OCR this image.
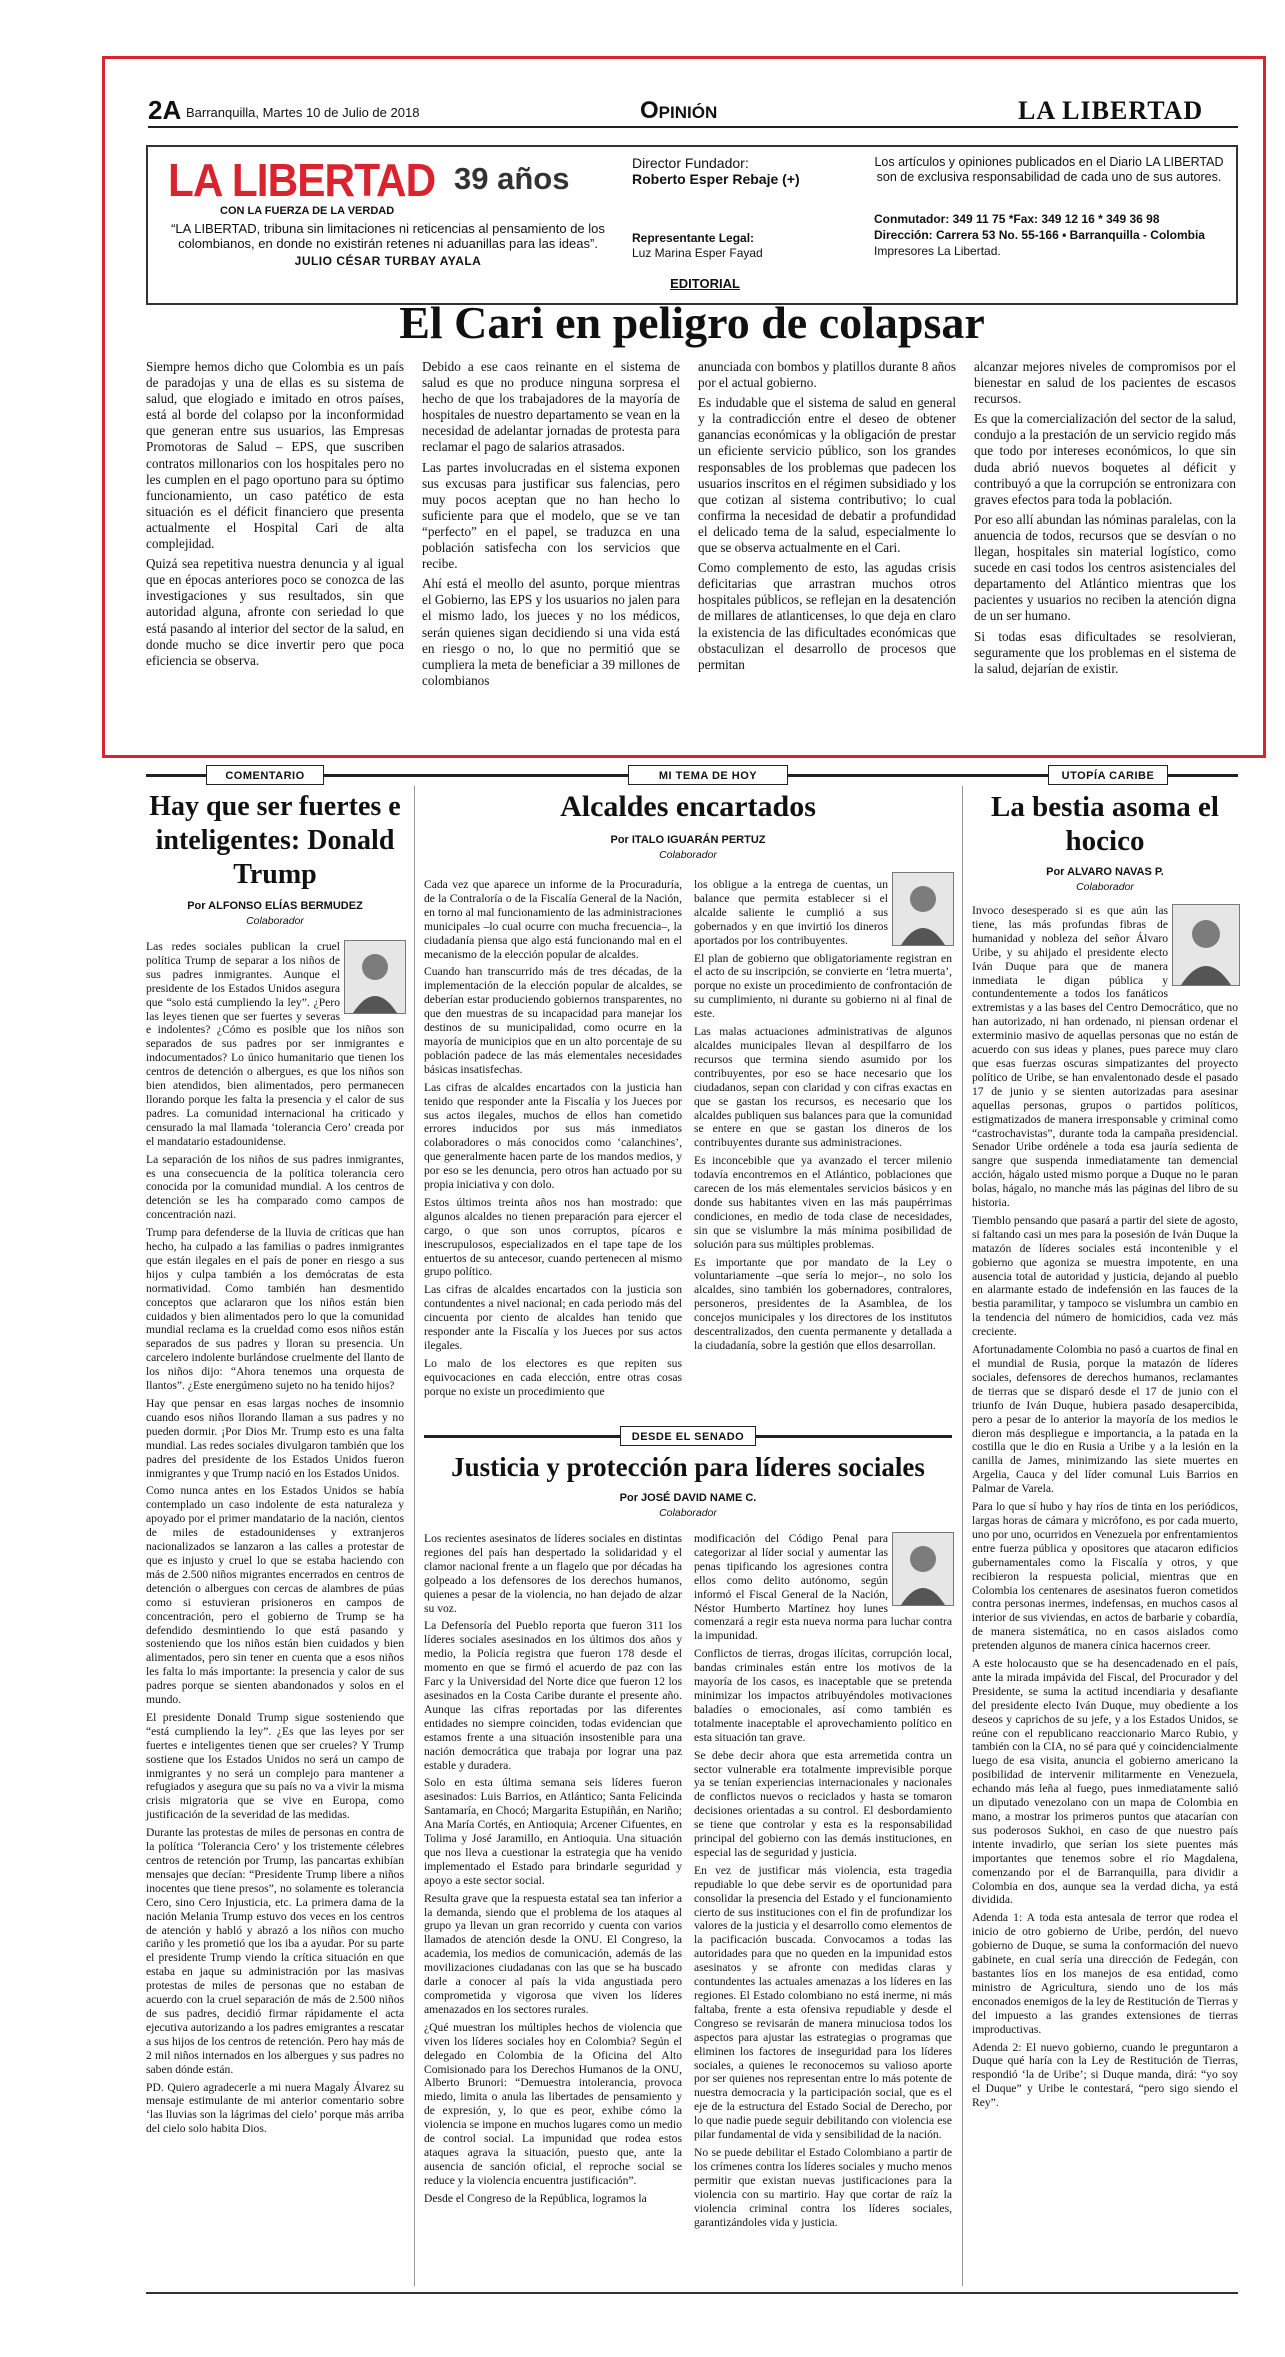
2A Barranquilla, Martes 10 de Julio de 2018	Opinión	LA LIBERTAD
LA LIBERTAD 39 años
CON LA FUERZA DE LA VERDAD
“LA LIBERTAD, tribuna sin limitaciones ni reticencias al pensamiento de los colombianos, en donde no existirán retenes ni aduanillas para las ideas”.
JULIO CÉSAR TURBAY AYALA
Director Fundador:
Roberto Esper Rebaje (+)
Representante Legal:
Luz Marina Esper Fayad
Los artículos y opiniones publicados en el Diario LA LIBERTAD son de exclusiva responsabilidad de cada uno de sus autores.
Conmutador: 349 11 75 *Fax: 349 12 16 * 349 36 98
Dirección: Carrera 53 No. 55-166 • Barranquilla - Colombia
Impresores La Libertad.
EDITORIAL
El Cari en peligro de colapsar

Siempre hemos dicho que Colombia es un país de paradojas y una de ellas es su sistema de salud, que elogiado e imitado en otros países, está al borde del colapso por la inconformidad que generan entre sus usuarios, las Empresas Promotoras de Salud – EPS, que suscriben contratos millonarios con los hospitales pero no les cumplen en el pago oportuno para su óptimo funcionamiento, un caso patético de esta situación es el déficit financiero que presenta actualmente el Hospital Cari de alta complejidad.

Quizá sea repetitiva nuestra denuncia y al igual que en épocas anteriores poco se conozca de las investigaciones y sus resultados, sin que autoridad alguna, afronte con seriedad lo que está pasando al interior del sector de la salud, en donde mucho se dice invertir pero que poca eficiencia se observa.

Debido a ese caos reinante en el sistema de salud es que no produce ninguna sorpresa el hecho de que los trabajadores de la mayoría de hospitales de nuestro departamento se vean en la necesidad de adelantar jornadas de protesta para reclamar el pago de salarios atrasados.

Las partes involucradas en el sistema exponen sus excusas para justificar sus falencias, pero muy pocos aceptan que no han hecho lo suficiente para que el modelo, que se ve tan “perfecto” en el papel, se traduzca en una población satisfecha con los servicios que recibe.

Ahí está el meollo del asunto, porque mientras el Gobierno, las EPS y los usuarios no jalen para el mismo lado, los jueces y no los médicos, serán quienes sigan decidiendo si una vida está en riesgo o no, lo que no permitió que se cumpliera la meta de beneficiar a 39 millones de colombianos

anunciada con bombos y platillos durante 8 años por el actual gobierno.

Es indudable que el sistema de salud en general y la contradicción entre el deseo de obtener ganancias económicas y la obligación de prestar un eficiente servicio público, son los grandes responsables de los problemas que padecen los usuarios inscritos en el régimen subsidiado y los que cotizan al sistema contributivo; lo cual confirma la necesidad de debatir a profundidad el delicado tema de la salud, especialmente lo que se observa actualmente en el Cari.

Como complemento de esto, las agudas crisis deficitarias que arrastran muchos otros hospitales públicos, se reflejan en la desatención de millares de atlanticenses, lo que deja en claro la existencia de las dificultades económicas que obstaculizan el desarrollo de procesos que permitan

alcanzar mejores niveles de compromisos por el bienestar en salud de los pacientes de escasos recursos.

Es que la comercialización del sector de la salud, condujo a la prestación de un servicio regido más que todo por intereses económicos, lo que sin duda abrió nuevos boquetes al déficit y contribuyó a que la corrupción se entronizara con graves efectos para toda la población.

Por eso allí abundan las nóminas paralelas, con la anuencia de todos, recursos que se desvían o no llegan, hospitales sin material logístico, como sucede en casi todos los centros asistenciales del departamento del Atlántico mientras que los pacientes y usuarios no reciben la atención digna de un ser humano.

Si todas esas dificultades se resolvieran, seguramente que los problemas en el sistema de la salud, dejarían de existir.

COMENTARIO	MI TEMA DE HOY	UTOPÍA CARIBE
Hay que ser fuertes e inteligentes: Donald Trump
Por ALFONSO ELÍAS BERMUDEZ
Colaborador

Las redes sociales publican la cruel política Trump de separar a los niños de sus padres inmigrantes. Aunque el presidente de los Estados Unidos asegura que “solo está cumpliendo la ley”. ¿Pero las leyes tienen que ser fuertes y severas e indolentes? ¿Cómo es posible que los niños son separados de sus padres por ser inmigrantes e indocumentados? Lo único humanitario que tienen los centros de detención o albergues, es que los niños son bien atendidos, bien alimentados, pero permanecen llorando porque les falta la presencia y el calor de sus padres. La comunidad internacional ha criticado y censurado la mal llamada ‘tolerancia Cero’ creada por el mandatario estadounidense.

La separación de los niños de sus padres inmigrantes, es una consecuencia de la política tolerancia cero conocida por la comunidad mundial. A los centros de detención se les ha comparado como campos de concentración nazi.

Trump para defenderse de la lluvia de críticas que han hecho, ha culpado a las familias o padres inmigrantes que están ilegales en el país de poner en riesgo a sus hijos y culpa también a los demócratas de esta normatividad. Como también han desmentido conceptos que aclararon que los niños están bien cuidados y bien alimentados pero lo que la comunidad mundial reclama es la crueldad como esos niños están separados de sus padres y lloran su presencia. Un carcelero indolente burlándose cruelmente del llanto de los niños dijo: “Ahora tenemos una orquesta de llantos”. ¿Este energúmeno sujeto no ha tenido hijos?

Hay que pensar en esas largas noches de insomnio cuando esos niños llorando llaman a sus padres y no pueden dormir. ¡Por Dios Mr. Trump esto es una falta mundial. Las redes sociales divulgaron también que los padres del presidente de los Estados Unidos fueron inmigrantes y que Trump nació en los Estados Unidos.

Como nunca antes en los Estados Unidos se había contemplado un caso indolente de esta naturaleza y apoyado por el primer mandatario de la nación, cientos de miles de estadounidenses y extranjeros nacionalizados se lanzaron a las calles a protestar de que es injusto y cruel lo que se estaba haciendo con más de 2.500 niños migrantes encerrados en centros de detención o albergues con cercas de alambres de púas como si estuvieran prisioneros en campos de concentración, pero el gobierno de Trump se ha defendido desmintiendo lo que está pasando y sosteniendo que los niños están bien cuidados y bien alimentados, pero sin tener en cuenta que a esos niños les falta lo más importante: la presencia y calor de sus padres porque se sienten abandonados y solos en el mundo.

El presidente Donald Trump sigue sosteniendo que “está cumpliendo la ley”. ¿Es que las leyes por ser fuertes e inteligentes tienen que ser crueles? Y Trump sostiene que los Estados Unidos no será un campo de inmigrantes y no será un complejo para mantener a refugiados y asegura que su país no va a vivir la misma crisis migratoria que se vive en Europa, como justificación de la severidad de las medidas.

Durante las protestas de miles de personas en contra de la política ‘Tolerancia Cero’ y los tristemente célebres centros de retención por Trump, las pancartas exhibían mensajes que decían: “Presidente Trump libere a niños inocentes que tiene presos”, no solamente es tolerancia Cero, sino Cero Injusticia, etc. La primera dama de la nación Melania Trump estuvo dos veces en los centros de atención y habló y abrazó a los niños con mucho cariño y les prometió que los iba a ayudar. Por su parte el presidente Trump viendo la crítica situación en que estaba en jaque su administración por las masivas protestas de miles de personas que no estaban de acuerdo con la cruel separación de más de 2.500 niños de sus padres, decidió firmar rápidamente el acta ejecutiva autorizando a los padres emigrantes a rescatar a sus hijos de los centros de retención. Pero hay más de 2 mil niños internados en los albergues y sus padres no saben dónde están.

PD. Quiero agradecerle a mi nuera Magaly Álvarez su mensaje estimulante de mi anterior comentario sobre ‘las lluvias son la lágrimas del cielo’ porque más arriba del cielo solo habita Dios.

Alcaldes encartados
Por ITALO IGUARÁN PERTUZ
Colaborador

Cada vez que aparece un informe de la Procuraduría, de la Contraloría o de la Fiscalía General de la Nación, en torno al mal funcionamiento de las administraciones municipales –lo cual ocurre con mucha frecuencia–, la ciudadanía piensa que algo está funcionando mal en el mecanismo de la elección popular de alcaldes.

Cuando han transcurrido más de tres décadas, de la implementación de la elección popular de alcaldes, se deberían estar produciendo gobiernos transparentes, no que den muestras de su incapacidad para manejar los destinos de su municipalidad, como ocurre en la mayoría de municipios que en un alto porcentaje de su población padece de las más elementales necesidades básicas insatisfechas.

Las cifras de alcaldes encartados con la justicia han tenido que responder ante la Fiscalía y los Jueces por sus actos ilegales, muchos de ellos han cometido errores inducidos por sus más inmediatos colaboradores o más conocidos como ‘calanchines’, que generalmente hacen parte de los mandos medios, y por eso se les denuncia, pero otros han actuado por su propia iniciativa y con dolo.

Estos últimos treinta años nos han mostrado: que algunos alcaldes no tienen preparación para ejercer el cargo, o que son unos corruptos, pícaros e inescrupulosos, especializados en el tape tape de los entuertos de su antecesor, cuando pertenecen al mismo grupo político.

Las cifras de alcaldes encartados con la justicia son contundentes a nivel nacional; en cada periodo más del cincuenta por ciento de alcaldes han tenido que responder ante la Fiscalía y los Jueces por sus actos ilegales.

Lo malo de los electores es que repiten sus equivocaciones en cada elección, entre otras cosas porque no existe un procedimiento que

los obligue a la entrega de cuentas, un balance que permita establecer si el alcalde saliente le cumplió a sus gobernados y en que invirtió los dineros aportados por los contribuyentes.

El plan de gobierno que obligatoriamente registran en el acto de su inscripción, se convierte en ‘letra muerta’, porque no existe un procedimiento de confrontación de su cumplimiento, ni durante su gobierno ni al final de este.

Las malas actuaciones administrativas de algunos alcaldes municipales llevan al despilfarro de los recursos que termina siendo asumido por los contribuyentes, por eso se hace necesario que los ciudadanos, sepan con claridad y con cifras exactas en que se gastan los recursos, es necesario que los alcaldes publiquen sus balances para que la comunidad se entere en que se gastan los dineros de los contribuyentes durante sus administraciones.

Es inconcebible que ya avanzado el tercer milenio todavía encontremos en el Atlántico, poblaciones que carecen de los más elementales servicios básicos y en donde sus habitantes viven en las más paupérrimas condiciones, en medio de toda clase de necesidades, sin que se vislumbre la más mínima posibilidad de solución para sus múltiples problemas.

Es importante que por mandato de la Ley o voluntariamente –que sería lo mejor–, no solo los alcaldes, sino también los gobernadores, contralores, personeros, presidentes de la Asamblea, de los concejos municipales y los directores de los institutos descentralizados, den cuenta permanente y detallada a la ciudadanía, sobre la gestión que ellos desarrollan.

DESDE EL SENADO
Justicia y protección para líderes sociales
Por JOSÉ DAVID NAME C.
Colaborador

Los recientes asesinatos de líderes sociales en distintas regiones del país han despertado la solidaridad y el clamor nacional frente a un flagelo que por décadas ha golpeado a los defensores de los derechos humanos, quienes a pesar de la violencia, no han dejado de alzar su voz.

La Defensoría del Pueblo reporta que fueron 311 los líderes sociales asesinados en los últimos dos años y medio, la Policía registra que fueron 178 desde el momento en que se firmó el acuerdo de paz con las Farc y la Universidad del Norte dice que fueron 12 los asesinados en la Costa Caribe durante el presente año. Aunque las cifras reportadas por las diferentes entidades no siempre coinciden, todas evidencian que estamos frente a una situación insostenible para una nación democrática que trabaja por lograr una paz estable y duradera.

Solo en esta última semana seis líderes fueron asesinados: Luis Barrios, en Atlántico; Santa Felicinda Santamaría, en Chocó; Margarita Estupiñán, en Nariño; Ana María Cortés, en Antioquia; Arcener Cifuentes, en Tolima y José Jaramillo, en Antioquia. Una situación que nos lleva a cuestionar la estrategia que ha venido implementado el Estado para brindarle seguridad y apoyo a este sector social.

Resulta grave que la respuesta estatal sea tan inferior a la demanda, siendo que el problema de los ataques al grupo ya llevan un gran recorrido y cuenta con varios llamados de atención desde la ONU. El Congreso, la academia, los medios de comunicación, además de las movilizaciones ciudadanas con las que se ha buscado darle a conocer al país la vida angustiada pero comprometida y vigorosa que viven los líderes amenazados en los sectores rurales.

¿Qué muestran los múltiples hechos de violencia que viven los líderes sociales hoy en Colombia? Según el delegado en Colombia de la Oficina del Alto Comisionado para los Derechos Humanos de la ONU, Alberto Brunori: “Demuestra intolerancia, provoca miedo, limita o anula las libertades de pensamiento y de expresión, y, lo que es peor, exhibe cómo la violencia se impone en muchos lugares como un medio de control social. La impunidad que rodea estos ataques agrava la situación, puesto que, ante la ausencia de sanción oficial, el reproche social se reduce y la violencia encuentra justificación”.

Desde el Congreso de la República, logramos la

modificación del Código Penal para categorizar al líder social y aumentar las penas tipificando los agresiones contra ellos como delito autónomo, según informó el Fiscal General de la Nación, Néstor Humberto Martínez hoy lunes comenzará a regir esta nueva norma para luchar contra la impunidad.

Conflictos de tierras, drogas ilícitas, corrupción local, bandas criminales están entre los motivos de la mayoría de los casos, es inaceptable que se pretenda minimizar los impactos atribuyéndoles motivaciones baladíes o emocionales, así como también es totalmente inaceptable el aprovechamiento político en esta situación tan grave.

Se debe decir ahora que esta arremetida contra un sector vulnerable era totalmente imprevisible porque ya se tenían experiencias internacionales y nacionales de conflictos nuevos o reciclados y hasta se tomaron decisiones orientadas a su control. El desbordamiento se tiene que controlar y esta es la responsabilidad principal del gobierno con las demás instituciones, en especial las de seguridad y justicia.

En vez de justificar más violencia, esta tragedia repudiable lo que debe servir es de oportunidad para consolidar la presencia del Estado y el funcionamiento cierto de sus instituciones con el fin de profundizar los valores de la justicia y el desarrollo como elementos de la pacificación buscada. Convocamos a todas las autoridades para que no queden en la impunidad estos asesinatos y se afronte con medidas claras y contundentes las actuales amenazas a los líderes en las regiones. El Estado colombiano no está inerme, ni más faltaba, frente a esta ofensiva repudiable y desde el Congreso se revisarán de manera minuciosa todos los aspectos para ajustar las estrategias o programas que eliminen los factores de inseguridad para los líderes sociales, a quienes le reconocemos su valioso aporte por ser quienes nos representan entre lo más potente de nuestra democracia y la participación social, que es el eje de la estructura del Estado Social de Derecho, por lo que nadie puede seguir debilitando con violencia ese pilar fundamental de vida y sensibilidad de la nación.

No se puede debilitar el Estado Colombiano a partir de los crímenes contra los líderes sociales y mucho menos permitir que existan nuevas justificaciones para la violencia con su martirio. Hay que cortar de raíz la violencia criminal contra los líderes sociales, garantizándoles vida y justicia.

La bestia asoma el hocico
Por ALVARO NAVAS P.
Colaborador

Invoco desesperado si es que aún las tiene, las más profundas fibras de humanidad y nobleza del señor Álvaro Uribe, y su ahijado el presidente electo Iván Duque para que de manera inmediata le digan pública y contundentemente a todos los fanáticos extremistas y a las bases del Centro Democrático, que no han autorizado, ni han ordenado, ni piensan ordenar el exterminio masivo de aquellas personas que no están de acuerdo con sus ideas y planes, pues parece muy claro que esas fuerzas oscuras simpatizantes del proyecto político de Uribe, se han envalentonado desde el pasado 17 de junio y se sienten autorizadas para asesinar aquellas personas, grupos o partidos políticos, estigmatizados de manera irresponsable y criminal como “castrochavistas”, durante toda la campaña presidencial. Senador Uribe ordénele a toda esa jauría sedienta de sangre que suspenda inmediatamente tan demencial acción, hágalo usted mismo porque a Duque no le paran bolas, hágalo, no manche más las páginas del libro de su historia.

Tiemblo pensando que pasará a partir del siete de agosto, si faltando casi un mes para la posesión de Iván Duque la matazón de líderes sociales está incontenible y el gobierno que agoniza se muestra impotente, en una ausencia total de autoridad y justicia, dejando al pueblo en alarmante estado de indefensión en las fauces de la bestia paramilitar, y tampoco se vislumbra un cambio en la tendencia del número de homicidios, cada vez más creciente.

Afortunadamente Colombia no pasó a cuartos de final en el mundial de Rusia, porque la matazón de líderes sociales, defensores de derechos humanos, reclamantes de tierras que se disparó desde el 17 de junio con el triunfo de Iván Duque, hubiera pasado desapercibida, pero a pesar de lo anterior la mayoría de los medios le dieron más despliegue e importancia, a la patada en la costilla que le dio en Rusia a Uribe y a la lesión en la canilla de James, minimizando las siete muertes en Argelia, Cauca y del líder comunal Luis Barrios en Palmar de Varela.

Para lo que sí hubo y hay ríos de tinta en los periódicos, largas horas de cámara y micrófono, es por cada muerto, uno por uno, ocurridos en Venezuela por enfrentamientos entre fuerza pública y opositores que atacaron edificios gubernamentales como la Fiscalía y otros, y que recibieron la respuesta policial, mientras que en Colombia los centenares de asesinatos fueron cometidos contra personas inermes, indefensas, en muchos casos al interior de sus viviendas, en actos de barbarie y cobardía, de manera sistemática, no en casos aislados como pretenden algunos de manera cínica hacernos creer.

A este holocausto que se ha desencadenado en el país, ante la mirada impávida del Fiscal, del Procurador y del Presidente, se suma la actitud incendiaria y desafiante del presidente electo Iván Duque, muy obediente a los deseos y caprichos de su jefe, y a los Estados Unidos, se reúne con el republicano reaccionario Marco Rubio, y también con la CIA, no sé para qué y coincidencialmente luego de esa visita, anuncia el gobierno americano la posibilidad de intervenir militarmente en Venezuela, echando más leña al fuego, pues inmediatamente salió un diputado venezolano con un mapa de Colombia en mano, a mostrar los primeros puntos que atacarían con sus poderosos Sukhoi, en caso de que nuestro país intente invadirlo, que serían los siete puentes más importantes que tenemos sobre el río Magdalena, comenzando por el de Barranquilla, para dividir a Colombia en dos, aunque sea la verdad dicha, ya está dividida.

Adenda 1: A toda esta antesala de terror que rodea el inicio de otro gobierno de Uribe, perdón, del nuevo gobierno de Duque, se suma la conformación del nuevo gabinete, en cual sería una dirección de Fedegán, con bastantes líos en los manejos de esa entidad, como ministro de Agricultura, siendo uno de los más enconados enemigos de la ley de Restitución de Tierras y del impuesto a las grandes extensiones de tierras improductivas.

Adenda 2: El nuevo gobierno, cuando le preguntaron a Duque qué haría con la Ley de Restitución de Tierras, respondió ‘la de Uribe’; si Duque manda, dirá: “yo soy el Duque” y Uribe le contestará, “pero sigo siendo el Rey”.
